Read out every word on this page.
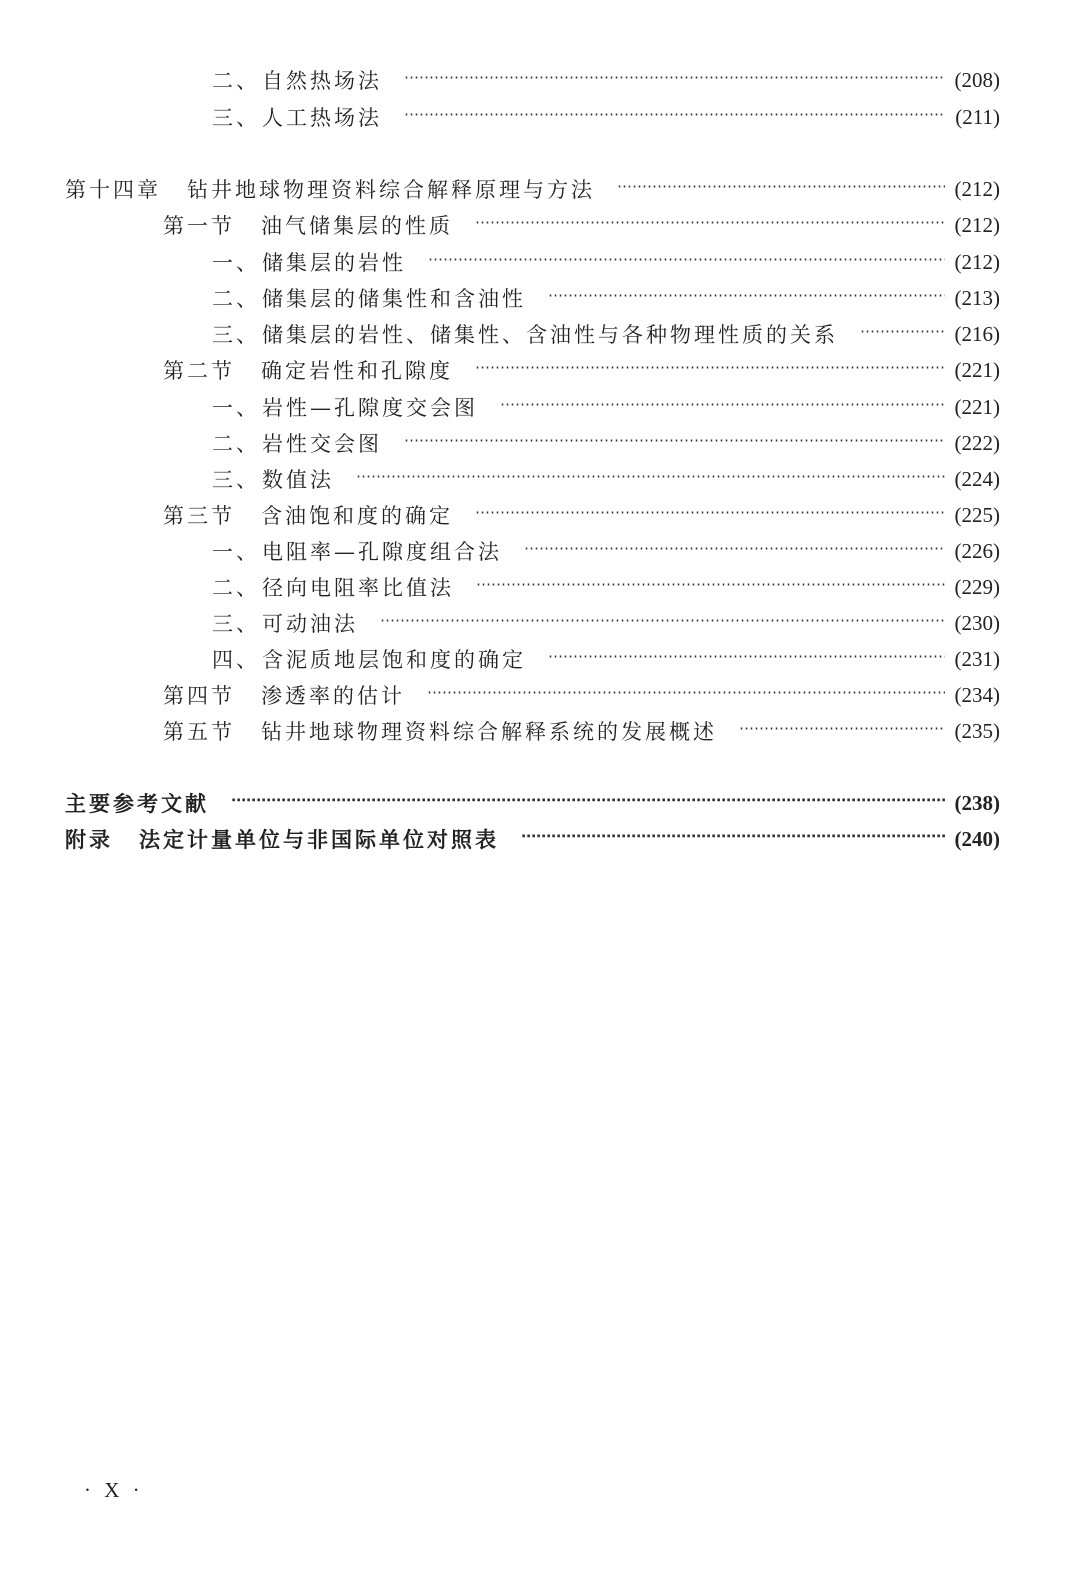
二、 自然热场法 ⋯⋯⋯⋯⋯⋯⋯⋯⋯⋯⋯⋯⋯⋯⋯⋯⋯⋯⋯⋯⋯⋯⋯⋯⋯⋯⋯⋯⋯⋯⋯⋯⋯⋯⋯⋯⋯⋯⋯⋯⋯⋯⋯⋯⋯⋯⋯⋯⋯⋯⋯⋯⋯⋯	(208)
三、 人工热场法 ⋯⋯⋯⋯⋯⋯⋯⋯⋯⋯⋯⋯⋯⋯⋯⋯⋯⋯⋯⋯⋯⋯⋯⋯⋯⋯⋯⋯⋯⋯⋯⋯⋯⋯⋯⋯⋯⋯⋯⋯⋯⋯⋯⋯⋯⋯⋯⋯⋯⋯⋯⋯⋯⋯	(211)
第十四章 钻井地球物理资料综合解释原理与方法 ⋯⋯⋯⋯⋯⋯⋯⋯⋯⋯⋯⋯⋯⋯⋯⋯⋯⋯⋯⋯⋯⋯⋯⋯⋯⋯⋯⋯⋯⋯⋯⋯⋯⋯⋯⋯⋯⋯⋯⋯⋯⋯⋯⋯⋯⋯⋯⋯⋯⋯⋯⋯⋯⋯	(212)
第一节 油气储集层的性质 ⋯⋯⋯⋯⋯⋯⋯⋯⋯⋯⋯⋯⋯⋯⋯⋯⋯⋯⋯⋯⋯⋯⋯⋯⋯⋯⋯⋯⋯⋯⋯⋯⋯⋯⋯⋯⋯⋯⋯⋯⋯⋯⋯⋯⋯⋯⋯⋯⋯⋯⋯⋯⋯⋯	(212)
一、 储集层的岩性 ⋯⋯⋯⋯⋯⋯⋯⋯⋯⋯⋯⋯⋯⋯⋯⋯⋯⋯⋯⋯⋯⋯⋯⋯⋯⋯⋯⋯⋯⋯⋯⋯⋯⋯⋯⋯⋯⋯⋯⋯⋯⋯⋯⋯⋯⋯⋯⋯⋯⋯⋯⋯⋯⋯	(212)
二、 储集层的储集性和含油性 ⋯⋯⋯⋯⋯⋯⋯⋯⋯⋯⋯⋯⋯⋯⋯⋯⋯⋯⋯⋯⋯⋯⋯⋯⋯⋯⋯⋯⋯⋯⋯⋯⋯⋯⋯⋯⋯⋯⋯⋯⋯⋯⋯⋯⋯⋯⋯⋯⋯⋯⋯⋯⋯⋯	(213)
三、 储集层的岩性、储集性、含油性与各种物理性质的关系 ⋯⋯⋯⋯⋯⋯⋯⋯⋯⋯⋯⋯⋯⋯⋯⋯⋯⋯⋯⋯⋯⋯⋯⋯⋯⋯⋯⋯⋯⋯⋯⋯⋯⋯⋯⋯⋯⋯⋯⋯⋯⋯⋯⋯⋯⋯⋯⋯⋯⋯⋯⋯⋯⋯	(216)
第二节 确定岩性和孔隙度 ⋯⋯⋯⋯⋯⋯⋯⋯⋯⋯⋯⋯⋯⋯⋯⋯⋯⋯⋯⋯⋯⋯⋯⋯⋯⋯⋯⋯⋯⋯⋯⋯⋯⋯⋯⋯⋯⋯⋯⋯⋯⋯⋯⋯⋯⋯⋯⋯⋯⋯⋯⋯⋯⋯	(221)
一、 岩性—孔隙度交会图 ⋯⋯⋯⋯⋯⋯⋯⋯⋯⋯⋯⋯⋯⋯⋯⋯⋯⋯⋯⋯⋯⋯⋯⋯⋯⋯⋯⋯⋯⋯⋯⋯⋯⋯⋯⋯⋯⋯⋯⋯⋯⋯⋯⋯⋯⋯⋯⋯⋯⋯⋯⋯⋯⋯	(221)
二、 岩性交会图 ⋯⋯⋯⋯⋯⋯⋯⋯⋯⋯⋯⋯⋯⋯⋯⋯⋯⋯⋯⋯⋯⋯⋯⋯⋯⋯⋯⋯⋯⋯⋯⋯⋯⋯⋯⋯⋯⋯⋯⋯⋯⋯⋯⋯⋯⋯⋯⋯⋯⋯⋯⋯⋯⋯	(222)
三、 数值法 ⋯⋯⋯⋯⋯⋯⋯⋯⋯⋯⋯⋯⋯⋯⋯⋯⋯⋯⋯⋯⋯⋯⋯⋯⋯⋯⋯⋯⋯⋯⋯⋯⋯⋯⋯⋯⋯⋯⋯⋯⋯⋯⋯⋯⋯⋯⋯⋯⋯⋯⋯⋯⋯⋯	(224)
第三节 含油饱和度的确定 ⋯⋯⋯⋯⋯⋯⋯⋯⋯⋯⋯⋯⋯⋯⋯⋯⋯⋯⋯⋯⋯⋯⋯⋯⋯⋯⋯⋯⋯⋯⋯⋯⋯⋯⋯⋯⋯⋯⋯⋯⋯⋯⋯⋯⋯⋯⋯⋯⋯⋯⋯⋯⋯⋯	(225)
一、 电阻率—孔隙度组合法 ⋯⋯⋯⋯⋯⋯⋯⋯⋯⋯⋯⋯⋯⋯⋯⋯⋯⋯⋯⋯⋯⋯⋯⋯⋯⋯⋯⋯⋯⋯⋯⋯⋯⋯⋯⋯⋯⋯⋯⋯⋯⋯⋯⋯⋯⋯⋯⋯⋯⋯⋯⋯⋯⋯	(226)
二、 径向电阻率比值法 ⋯⋯⋯⋯⋯⋯⋯⋯⋯⋯⋯⋯⋯⋯⋯⋯⋯⋯⋯⋯⋯⋯⋯⋯⋯⋯⋯⋯⋯⋯⋯⋯⋯⋯⋯⋯⋯⋯⋯⋯⋯⋯⋯⋯⋯⋯⋯⋯⋯⋯⋯⋯⋯⋯	(229)
三、 可动油法 ⋯⋯⋯⋯⋯⋯⋯⋯⋯⋯⋯⋯⋯⋯⋯⋯⋯⋯⋯⋯⋯⋯⋯⋯⋯⋯⋯⋯⋯⋯⋯⋯⋯⋯⋯⋯⋯⋯⋯⋯⋯⋯⋯⋯⋯⋯⋯⋯⋯⋯⋯⋯⋯⋯	(230)
四、 含泥质地层饱和度的确定 ⋯⋯⋯⋯⋯⋯⋯⋯⋯⋯⋯⋯⋯⋯⋯⋯⋯⋯⋯⋯⋯⋯⋯⋯⋯⋯⋯⋯⋯⋯⋯⋯⋯⋯⋯⋯⋯⋯⋯⋯⋯⋯⋯⋯⋯⋯⋯⋯⋯⋯⋯⋯⋯⋯	(231)
第四节 渗透率的估计 ⋯⋯⋯⋯⋯⋯⋯⋯⋯⋯⋯⋯⋯⋯⋯⋯⋯⋯⋯⋯⋯⋯⋯⋯⋯⋯⋯⋯⋯⋯⋯⋯⋯⋯⋯⋯⋯⋯⋯⋯⋯⋯⋯⋯⋯⋯⋯⋯⋯⋯⋯⋯⋯⋯	(234)
第五节 钻井地球物理资料综合解释系统的发展概述 ⋯⋯⋯⋯⋯⋯⋯⋯⋯⋯⋯⋯⋯⋯⋯⋯⋯⋯⋯⋯⋯⋯⋯⋯⋯⋯⋯⋯⋯⋯⋯⋯⋯⋯⋯⋯⋯⋯⋯⋯⋯⋯⋯⋯⋯⋯⋯⋯⋯⋯⋯⋯⋯⋯	(235)
主要参考文献 ⋯⋯⋯⋯⋯⋯⋯⋯⋯⋯⋯⋯⋯⋯⋯⋯⋯⋯⋯⋯⋯⋯⋯⋯⋯⋯⋯⋯⋯⋯⋯⋯⋯⋯⋯⋯⋯⋯⋯⋯⋯⋯⋯⋯⋯⋯⋯⋯⋯⋯⋯⋯⋯⋯	(238)
附录 法定计量单位与非国际单位对照表 ⋯⋯⋯⋯⋯⋯⋯⋯⋯⋯⋯⋯⋯⋯⋯⋯⋯⋯⋯⋯⋯⋯⋯⋯⋯⋯⋯⋯⋯⋯⋯⋯⋯⋯⋯⋯⋯⋯⋯⋯⋯⋯⋯⋯⋯⋯⋯⋯⋯⋯⋯⋯⋯⋯	(240)
· X ·
